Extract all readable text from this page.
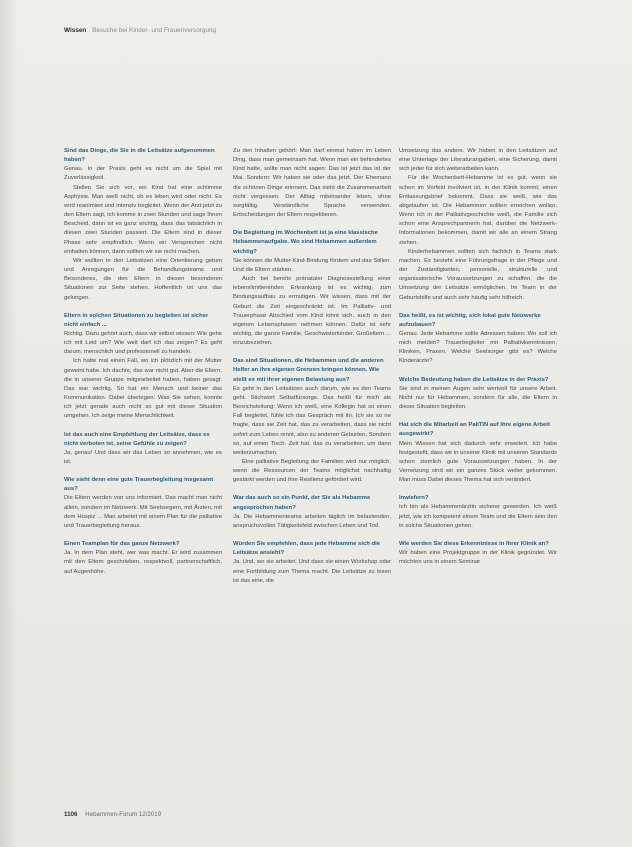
Wissen Besuche bei Kinder- und Frauenversorgung

Sind das Dinge, die Sie in die Leitsätze aufgenommen haben?

Genau. In der Praxis geht es nicht um die Spiel mit Zuverlässigkeit.

Stellen Sie sich vor, ein Kind hat eine schlimme Asphyxie. Man weiß nicht, ob es leben wird oder nicht. Es wird reanimiert und intensiv begleitet. Wenn der Arzt jetzt zu den Eltern sagt, ich komme in zwei Stunden und sage Ihnen Bescheid, dann ist es ganz wichtig, dass das tatsächlich in diesen zwei Stunden passiert. Die Eltern sind in dieser Phase sehr empfindlich. Wenn wir Versprechen nicht einhalten können, dann sollten wir sie nicht machen.

Wir wollten in den Leitsätzen eine Orientierung geben und Anregungen für die Behandlungsteams und Besonderes, die den Eltern in diesen besonderen Situationen zur Seite stehen. Hoffentlich ist uns das gelungen.

Eltern in solchen Situationen zu begleiten ist sicher nicht einfach ...

Richtig. Dazu gehört auch, dass wir selbst wissen: Wie gehe ich mit Leid um? Wie weit darf ich das zeigen? Es geht darum, menschlich und professionell zu handeln.

Ich hatte mal einen Fall, wo ich plötzlich mit der Mutter geweint habe. Ich dachte, das war nicht gut. Aber die Eltern, die in unserer Gruppe mitgearbeitet haben, haben gesagt: Das war wichtig. So hat ein Mensch und keiner das Kommunikation. Dabei überlegen: Was Sie sehen, konnte ich jetzt gerade auch nicht so gut mit dieser Situation umgehen. Ich zeige meine Menschlichkeit.

Ist das auch eine Empfehlung der Leitsätze, dass es nicht verboten ist, seine Gefühle zu zeigen?

Ja, genau! Und dass wir das Leben so annehmen, wie es ist.

Wie sieht denn eine gute Trauerbegleitung insgesamt aus?

Die Eltern werden von uns informiert. Das macht man nicht allein, sondern im Netzwerk. Mit Seelsorgern, mit Ärzten, mit dem Hospiz ... Man arbeitet mit einem Plan für die palliative und Trauerbegleitung heraus.

Einen Teamplan für das ganze Netzwerk?

Ja. In dem Plan steht, wer was macht. Er wird zusammen mit den Eltern geschrieben, respektvoll, partnerschaftlich, auf Augenhöhe.

Zu den Inhalten gehört: Man darf einmal haben im Leben Ding, dass man gemeinsam hat. Wenn man ein behindertes Kind hatte, sollte man nicht sagen: Das ist jetzt das ist der Mai. Sondern: Wir haben sie oder das jetzt. Der Ehemann die schönen Dinge erinnern. Das sieht die Zusammenarbeit nicht vergessen. Der Alltag miteinander leben, ohne sorgfältig. Verständliche Sprache verwenden. Entscheidungen der Eltern respektieren.

Die Begleitung im Wochenbett ist ja eine klassische Hebammenaufgabe. Wo sind Hebammen außerdem wichtig?

Sie können die Mutter-Kind-Bindung fördern und das Stillen. Und die Eltern stärken.

Auch bei bereits pränataler Diagnosestellung einer lebenslimitierenden Erkrankung ist es wichtig, zum Bindungsaufbau zu ermutigen. Wir wissen, dass mit der Geburt die Zeit eingeschränkt ist. Im Palliativ- und Trauerphase Abschied vom Kind lohnt sich, auch in den eigenen Lebensphasen nehmen können. Dafür ist sehr wichtig, die ganze Familie, Geschwisterkinder, Großeltern ... einzubeziehen.

Das sind Situationen, die Hebammen und die anderen Helfer an ihre eigenen Grenzen bringen können. Wie stellt es mit ihrer eigenen Belastung aus?

Es geht in den Leitsätzen auch darum, wie es den Teams geht. Stichwort Selbstfürsorge. Das heißt für mich als Bereichsleitung: Wenn ich weiß, eine Kollegin hat so einen Fall begleitet, fühle ich das Gespräch mit ihr. Ich sie so ne fragte, dass sie Zeit hat, das zu verarbeiten, dass sie nicht sofort zum Leben rennt, also zu anderen Geburten, Sondern so, auf einen Tisch. Zeit hat, das zu verarbeiten, um dann weiterzumachen.

Eine palliative Begleitung der Familien wird nur möglich, wenn die Ressourcen der Teams möglichst nachhaltig gestärkt werden und ihre Resilienz gefördert wird.

War das auch so ein Punkt, der Sie als Hebamme angesprochen haben?

Ja. Die Hebammenteams arbeiten täglich im belastenden, anspruchsvollen Tätigkeitsfeld zwischen Leben und Tod.

Würden Sie empfehlen, dass jede Hebamme sich die Leitsätze ansieht?

Ja. Und, wo sie arbeitet. Und dass sie einen Workshop oder eine Fortbildung zum Thema macht. Die Leitsätze zu lesen ist das eine, die

Umsetzung das andere. Wir haben in den Leitsätzen auf eine Unterlage der Literaturangaben, eine Sicherung, damit sich jeder für sich weiterarbeiten kann.

Für die Wochenbett-Hebamme ist es gut, wenn sie schon im Vorfeld involviert ist, in der Klinik kommt, einen Entlassungsbrief bekommt. Dass sie weiß, wie das abgelaufen ist. Die Hebammen sollten erreichen wollen. Wenn ich in der Palliativgeschichte weiß, die Familie sich schon eine Ansprechpartnerin hat, darüber die Netzwerk-Informationen bekommen, damit wir alle an einem Strang ziehen.

Kinderhebammen sollten sich fachlich in Teams stark machen. Es besteht eine Führungsfrage in der Pflege und der Zuständigkeiten, personelle, strukturelle und organisatorische Voraussetzungen zu schaffen, die die Umsetzung der Leitsätze ermöglichen. Im Team in der Geburtshilfe und auch sehr häufig sehr hilfreich.

Das heißt, es ist wichtig, sich lokal gute Netzwerke aufzubauen?

Genau. Jede Hebamme sollte Adressen haben: Wo soll ich mich melden? Trauerbegleiter mit Palliativkenntnissen, Kliniken, Praxen. Welche Seelsorger gibt es? Welche Kinderärzte?

Welche Bedeutung haben die Leitsätze in der Praxis?

Sie sind in meinen Augen sehr wertvoll für unsere Arbeit. Nicht nur für Hebammen, sondern für alle, die Eltern in dieser Situation begleiten.

Hat sich die Mitarbeit an PaliTiN auf ihre eigene Arbeit ausgewirkt?

Mein Wissen hat sich dadurch sehr erweitert. Ich habe festgestellt, dass wir in unserer Klinik mit unseren Standards schon ziemlich gute Voraussetzungen haben. In der Vernetzung sind wir ein ganzes Stück weiter gekommen. Man muss Dabei dieses Thema hat sich verändert.

Inwiefern?

Ich bin als Hebammenärztin sicherer geworden. Ich weiß jetzt, wie ich kompetent einem Team und die Eltern sein den in solche Situationen gehen.

Wie werden Sie diese Erkenntnisse in Ihrer Klinik an?

Wir haben eine Projektgruppe in der Klinik gegründet. Wir möchten uns in einem Seminar

1106 Hebammen-Forum 12/2019
